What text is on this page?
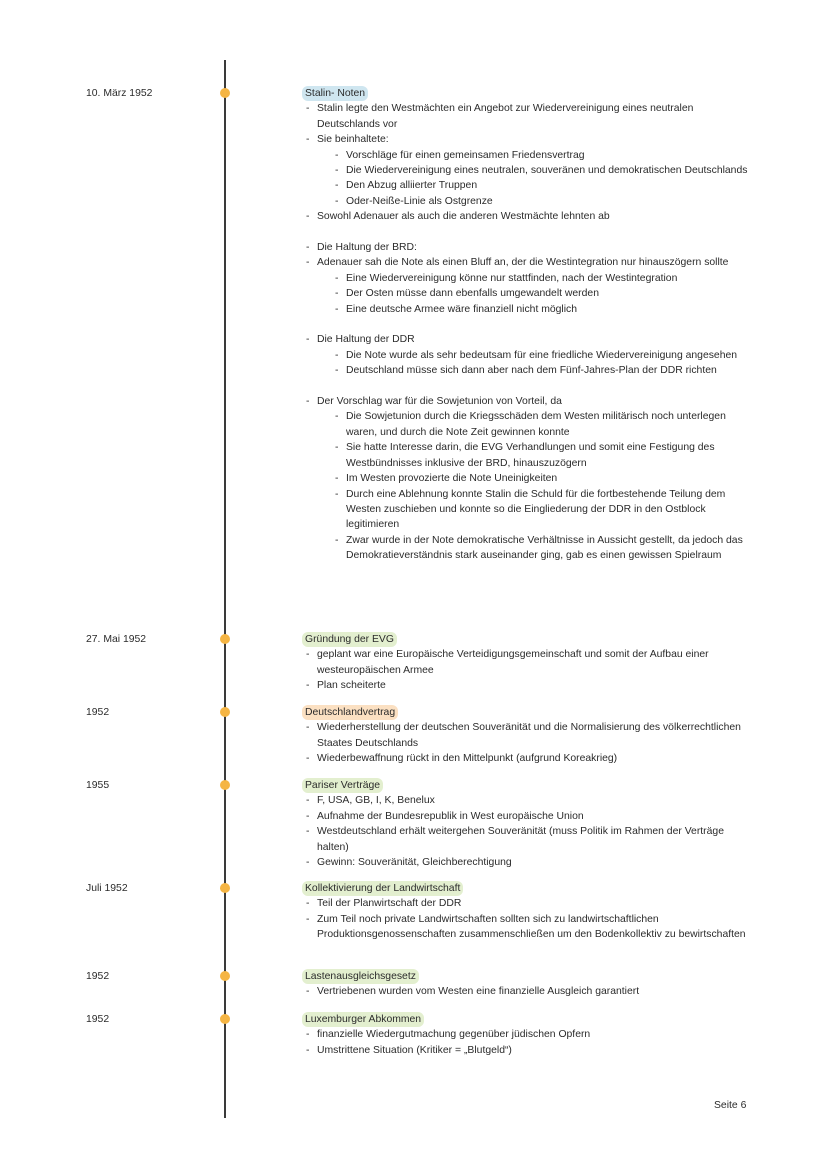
10. März 1952	Stalin- Noten
- Stalin legte den Westmächten ein Angebot zur Wiedervereinigung eines neutralen Deutschlands vor
- Sie beinhaltete:
- Vorschläge für einen gemeinsamen Friedensvertrag
- Die Wiedervereinigung eines neutralen, souveränen und demokratischen Deutschlands
- Den Abzug alliierter Truppen
- Oder-Neiße-Linie als Ostgrenze
- Sowohl Adenauer als auch die anderen Westmächte lehnten ab
- Die Haltung der BRD:
- Adenauer sah die Note als einen Bluff an, der die Westintegration nur hinauszögern sollte
- Eine Wiedervereinigung könne nur stattfinden, nach der Westintegration
- Der Osten müsse dann ebenfalls umgewandelt werden
- Eine deutsche Armee wäre finanziell nicht möglich
- Die Haltung der DDR
- Die Note wurde als sehr bedeutsam für eine friedliche Wiedervereinigung angesehen
- Deutschland müsse sich dann aber nach dem Fünf-Jahres-Plan der DDR richten
- Der Vorschlag war für die Sowjetunion von Vorteil, da
- Die Sowjetunion durch die Kriegsschäden dem Westen militärisch noch unterlegen waren, und durch die Note Zeit gewinnen konnte
- Sie hatte Interesse darin, die EVG Verhandlungen und somit eine Festigung des Westbündnisses inklusive der BRD, hinauszuzögern
- Im Westen provozierte die Note Uneinigkeiten
- Durch eine Ablehnung konnte Stalin die Schuld für die fortbestehende Teilung dem Westen zuschieben und konnte so die Eingliederung der DDR in den Ostblock legitimieren
- Zwar wurde in der Note demokratische Verhältnisse in Aussicht gestellt, da jedoch das Demokratieverständnis stark auseinander ging, gab es einen gewissen Spielraum
27. Mai 1952	Gründung der EVG
- geplant war eine Europäische Verteidigungsgemeinschaft und somit der Aufbau einer westeuropäischen Armee
- Plan scheiterte
1952	Deutschlandvertrag
- Wiederherstellung der deutschen Souveränität und die Normalisierung des völkerrechtlichen Staates Deutschlands
- Wiederbewaffnung rückt in den Mittelpunkt (aufgrund Koreakrieg)
1955	Pariser Verträge
- F, USA, GB, I, K, Benelux
- Aufnahme der Bundesrepublik in West europäische Union
- Westdeutschland erhält weitergehen Souveränität (muss Politik im Rahmen der Verträge halten)
- Gewinn: Souveränität, Gleichberechtigung
Juli 1952	Kollektivierung der Landwirtschaft
- Teil der Planwirtschaft der DDR
- Zum Teil noch private Landwirtschaften sollten sich zu landwirtschaftlichen Produktionsgenossenschaften zusammenschließen um den Bodenkollektiv zu bewirtschaften
1952	Lastenausgleichsgesetz
- Vertriebenen wurden vom Westen eine finanzielle Ausgleich garantiert
1952	Luxemburger Abkommen
- finanzielle Wiedergutmachung gegenüber jüdischen Opfern
- Umstrittene Situation (Kritiker = „Blutgeld“)
Seite 6
